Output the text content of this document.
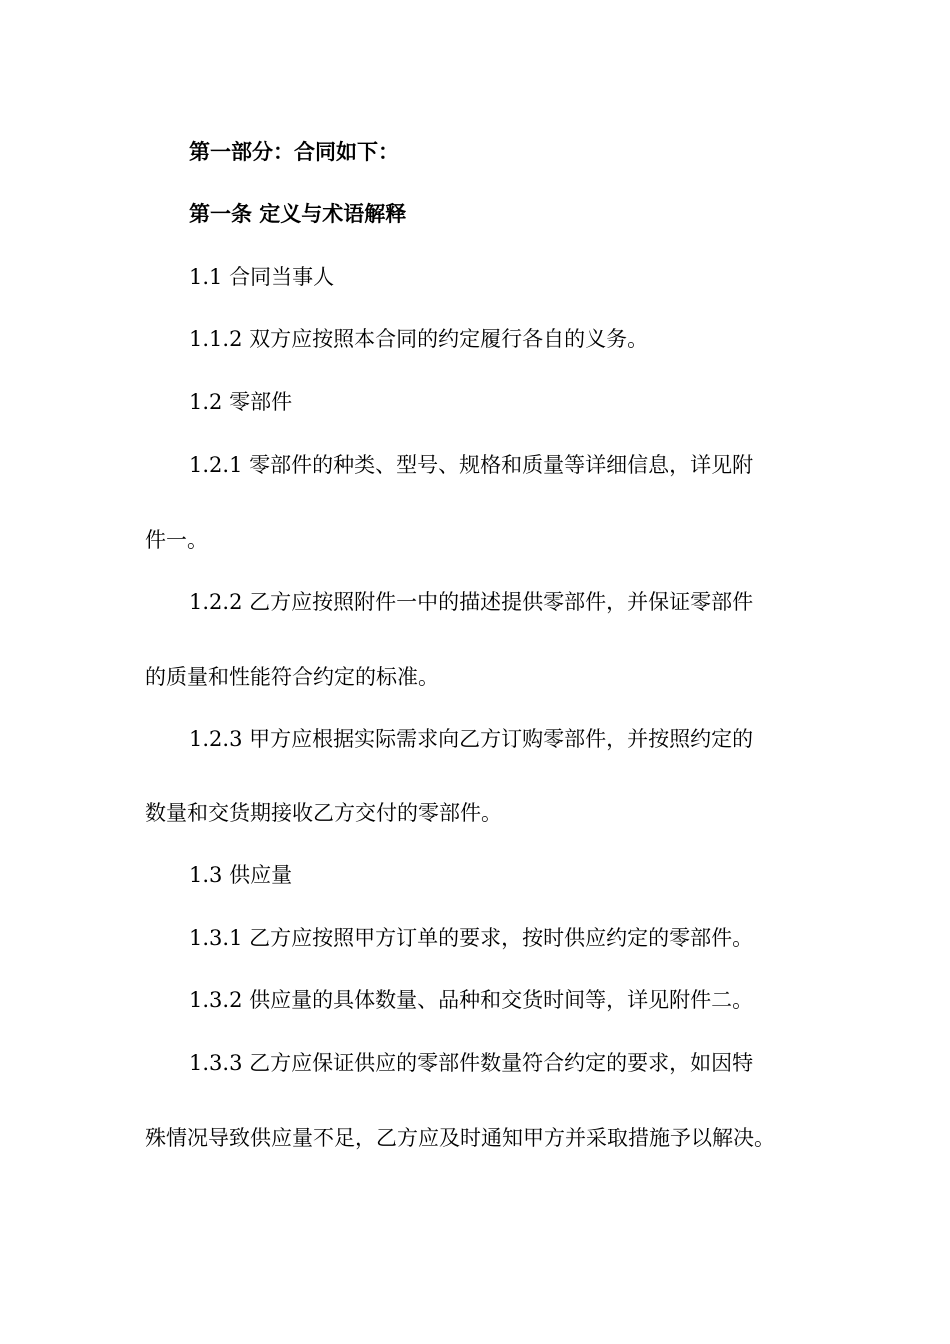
第一部分：合同如下：

第一条 定义与术语解释

1.1 合同当事人

1.1.2 双方应按照本合同的约定履行各自的义务。

1.2 零部件

1.2.1 零部件的种类、型号、规格和质量等详细信息，详见附

件一。

1.2.2 乙方应按照附件一中的描述提供零部件，并保证零部件

的质量和性能符合约定的标准。

1.2.3 甲方应根据实际需求向乙方订购零部件，并按照约定的

数量和交货期接收乙方交付的零部件。

1.3 供应量

1.3.1 乙方应按照甲方订单的要求，按时供应约定的零部件。

1.3.2 供应量的具体数量、品种和交货时间等，详见附件二。

1.3.3 乙方应保证供应的零部件数量符合约定的要求，如因特

殊情况导致供应量不足，乙方应及时通知甲方并采取措施予以解决。
